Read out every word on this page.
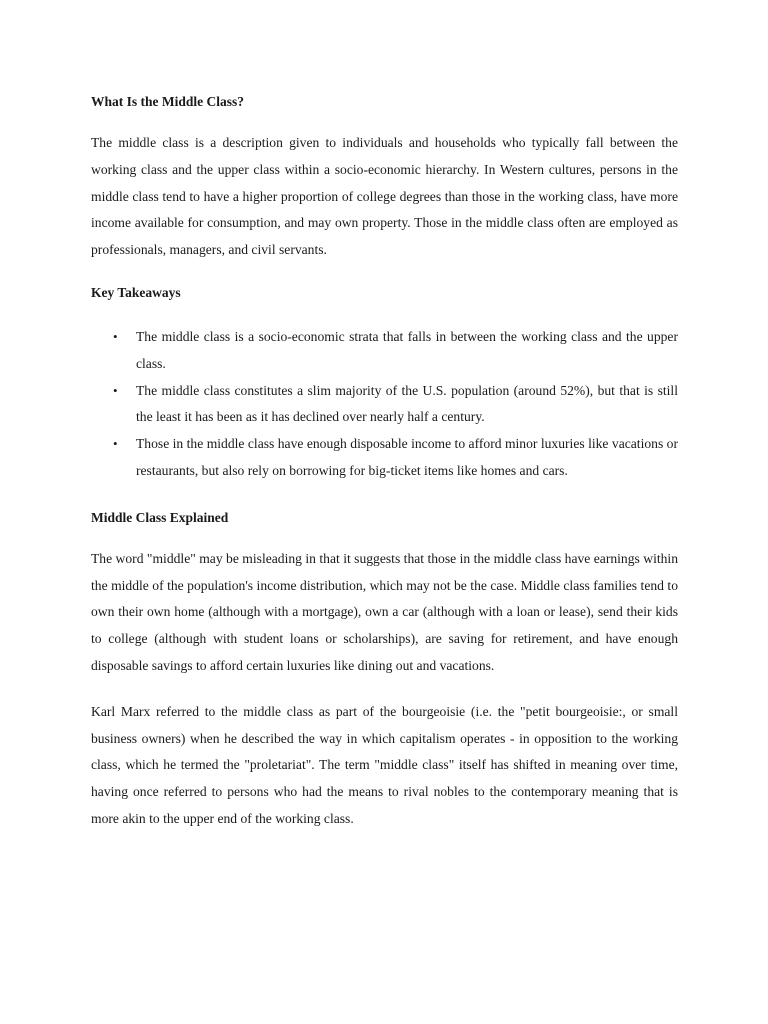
What Is the Middle Class?

The middle class is a description given to individuals and households who typically fall between the working class and the upper class within a socio-economic hierarchy. In Western cultures, persons in the middle class tend to have a higher proportion of college degrees than those in the working class, have more income available for consumption, and may own property. Those in the middle class often are employed as professionals, managers, and civil servants.

Key Takeaways
• The middle class is a socio-economic strata that falls in between the working class and the upper class.
• The middle class constitutes a slim majority of the U.S. population (around 52%), but that is still the least it has been as it has declined over nearly half a century.
• Those in the middle class have enough disposable income to afford minor luxuries like vacations or restaurants, but also rely on borrowing for big-ticket items like homes and cars.
Middle Class Explained

The word "middle" may be misleading in that it suggests that those in the middle class have earnings within the middle of the population's income distribution, which may not be the case. Middle class families tend to own their own home (although with a mortgage), own a car (although with a loan or lease), send their kids to college (although with student loans or scholarships), are saving for retirement, and have enough disposable savings to afford certain luxuries like dining out and vacations.

Karl Marx referred to the middle class as part of the bourgeoisie (i.e. the "petit bourgeoisie:, or small business owners) when he described the way in which capitalism operates - in opposition to the working class, which he termed the "proletariat". The term "middle class" itself has shifted in meaning over time, having once referred to persons who had the means to rival nobles to the contemporary meaning that is more akin to the upper end of the working class.
